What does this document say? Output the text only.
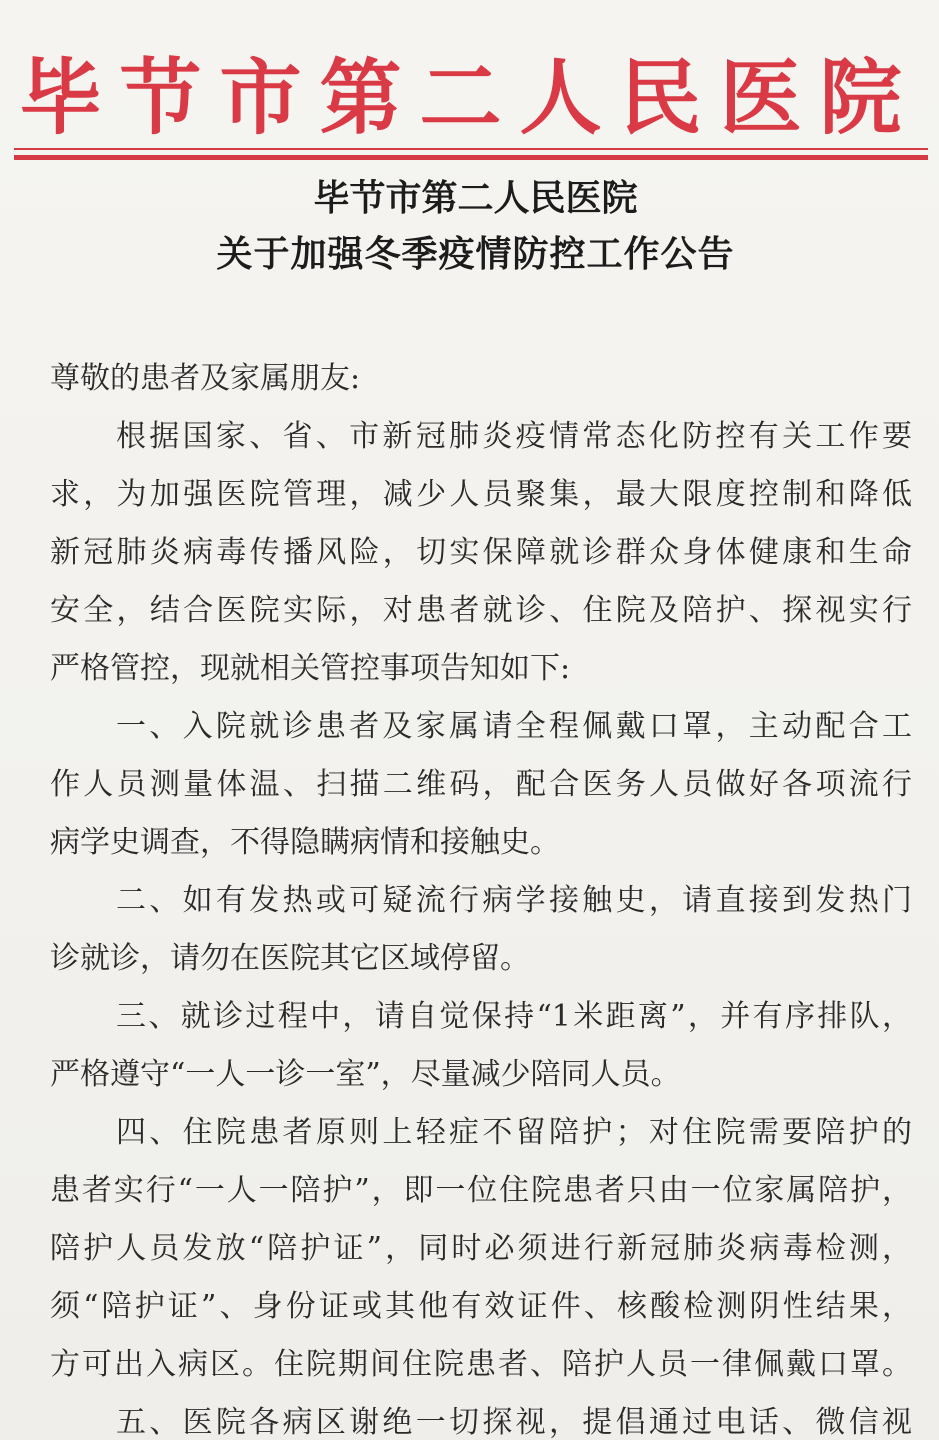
毕节市第二人民医院
毕节市第二人民医院
关于加强冬季疫情防控工作公告
尊敬的患者及家属朋友:
根据国家、省、市新冠肺炎疫情常态化防控有关工作要
求，为加强医院管理，减少人员聚集，最大限度控制和降低
新冠肺炎病毒传播风险，切实保障就诊群众身体健康和生命
安全，结合医院实际，对患者就诊、住院及陪护、探视实行
严格管控，现就相关管控事项告知如下:
一、入院就诊患者及家属请全程佩戴口罩，主动配合工
作人员测量体温、扫描二维码，配合医务人员做好各项流行
病学史调查，不得隐瞒病情和接触史。
二、如有发热或可疑流行病学接触史，请直接到发热门
诊就诊，请勿在医院其它区域停留。
三、就诊过程中，请自觉保持“1米距离”，并有序排队，
严格遵守“一人一诊一室”，尽量减少陪同人员。
四、住院患者原则上轻症不留陪护；对住院需要陪护的
患者实行“一人一陪护”，即一位住院患者只由一位家属陪护，
陪护人员发放“陪护证”，同时必须进行新冠肺炎病毒检测，
须“陪护证”、身份证或其他有效证件、核酸检测阴性结果，
方可出入病区。住院期间住院患者、陪护人员一律佩戴口罩。
五、医院各病区谢绝一切探视，提倡通过电话、微信视
